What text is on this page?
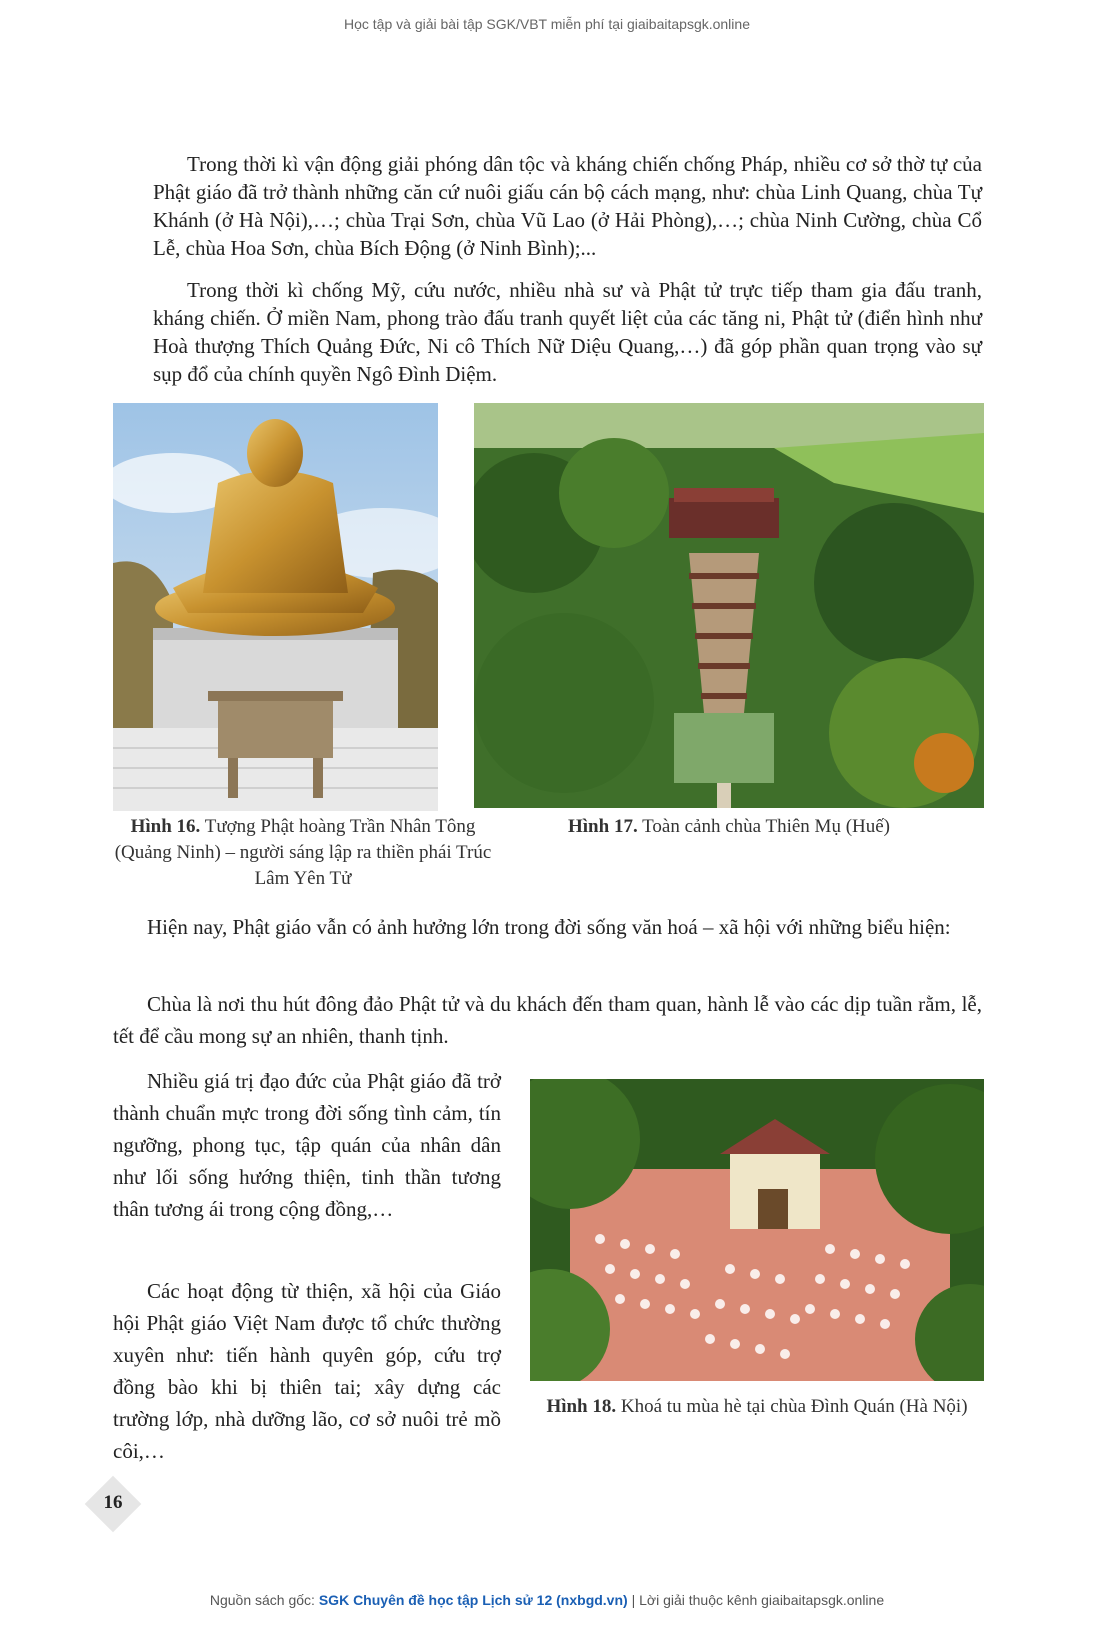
Học tập và giải bài tập SGK/VBT miễn phí tại giaibaitapsgk.online

Trong thời kì vận động giải phóng dân tộc và kháng chiến chống Pháp, nhiều cơ sở thờ tự của Phật giáo đã trở thành những căn cứ nuôi giấu cán bộ cách mạng, như: chùa Linh Quang, chùa Tự Khánh (ở Hà Nội),…; chùa Trại Sơn, chùa Vũ Lao (ở Hải Phòng),…; chùa Ninh Cường, chùa Cổ Lễ, chùa Hoa Sơn, chùa Bích Động (ở Ninh Bình);...

Trong thời kì chống Mỹ, cứu nước, nhiều nhà sư và Phật tử trực tiếp tham gia đấu tranh, kháng chiến. Ở miền Nam, phong trào đấu tranh quyết liệt của các tăng ni, Phật tử (điển hình như Hoà thượng Thích Quảng Đức, Ni cô Thích Nữ Diệu Quang,…) đã góp phần quan trọng vào sự sụp đổ của chính quyền Ngô Đình Diệm.

Hình 16. Tượng Phật hoàng Trần Nhân Tông (Quảng Ninh) – người sáng lập ra thiền phái Trúc Lâm Yên Tử
Hình 17. Toàn cảnh chùa Thiên Mụ (Huế)

Hiện nay, Phật giáo vẫn có ảnh hưởng lớn trong đời sống văn hoá – xã hội với những biểu hiện:

Chùa là nơi thu hút đông đảo Phật tử và du khách đến tham quan, hành lễ vào các dịp tuần rằm, lễ, tết để cầu mong sự an nhiên, thanh tịnh.

Nhiều giá trị đạo đức của Phật giáo đã trở thành chuẩn mực trong đời sống tình cảm, tín ngưỡng, phong tục, tập quán của nhân dân như lối sống hướng thiện, tinh thần tương thân tương ái trong cộng đồng,…

Các hoạt động từ thiện, xã hội của Giáo hội Phật giáo Việt Nam được tổ chức thường xuyên như: tiến hành quyên góp, cứu trợ đồng bào khi bị thiên tai; xây dựng các trường lớp, nhà dưỡng lão, cơ sở nuôi trẻ mồ côi,…

Hình 18. Khoá tu mùa hè tại chùa Đình Quán (Hà Nội)
16
Nguồn sách gốc: SGK Chuyên đề học tập Lịch sử 12 (nxbgd.vn) | Lời giải thuộc kênh giaibaitapsgk.online
